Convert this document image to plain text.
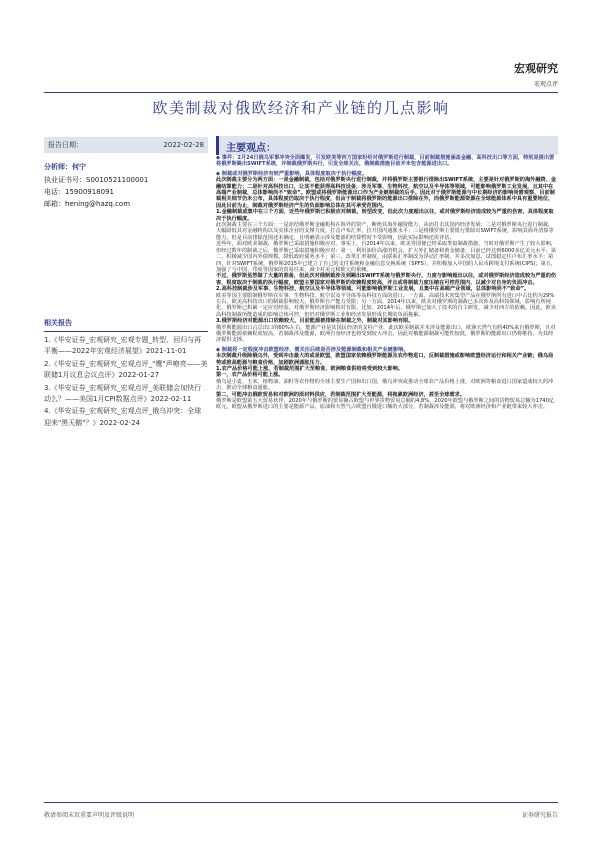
宏观研究
宏观点评
欧美制裁对俄欧经济和产业链的几点影响
报告日期：	2022-02-28 主要观点：
分析师：何宁
执业证书号：S0010521100001
电话：15900918091
邮箱：hening@hazq.com
相关报告

1.《华安证券_宏观研究_宏观专题_转型、回归与再平衡——2022年宏观经济展望》2021-11-01

2.《华安证券_宏观研究_宏观点评_"鹰"声嘹亮——美联储1月议息会议点评》2022-01-27

3.《华安证券_宏观研究_宏观点评_美联储会加快行动么？——美国1月CPI数据点评》2022-02-11

4.《华安证券_宏观研究_宏观点评_俄乌冲突：全球迎来"黑天鹅"？》2022-02-24

◆ 事件：2月24日俄乌军事冲突全面爆发，引发欧美等西方国家纷纷对俄罗斯进行制裁，目前制裁措施涵盖金融、高科技出口等方面，特别是提出要将俄罗斯踢出SWIFT系统，并制裁俄罗斯央行，引发全球关注，俄制裁措施目前并未包含能源进出口。

◆ 制裁或对俄罗斯经济有较严重影响，具体程度取决于执行幅度。

此次制裁主要分为两方面：一是金融制裁，包括对俄罗斯央行进行制裁，并将俄罗斯主要银行排除出SWIFT系统，主要是针对俄罗斯的海外融资、金融结算能力；二是针对高科技出口，让其不能获得高科技设备，涉及军事、生物科技、航空以及半导体等领域，可能影响俄罗斯工业发展，且其中在高端产业制裁，总体影响尚不“致命”。欧盟或将俄罗斯能源出口作为产业链制裁的后手。因此对于俄罗斯能源与中长期经济的影响尚需观察，目前制裁相关细节仍未公布，具体程度仍取决于执行程度，但由于制裁将俄罗斯的能源出口排除在外，而俄罗斯能源资源在全球能源体系中具有重要地位，因此目前为止，制裁对俄罗斯经济产生的负面影响总体在其可承受范围内。

1.金融制裁或集中在三个方面，近些年俄罗斯已积极应对制裁，转型改变，但此次力度超出以往，或对俄罗斯经济造成较为严重的伤害，具体程度取决于执行幅度。

此次制裁主要在三个方面：一是冻结俄罗斯金融机构在海外的资产，断绝其海外融资能力，从而打击其国内经济发展；二是对俄罗斯央行进行制裁，大幅降低其对金融机构以及实体企业的支撑力度，打击卢布汇率，拉升国内通胀水平；三是将俄罗斯主要银行排除出SWIFT系统，影响其海外清算等能力，但是目前排除范围还未确定，且明确表示涉及能源的结算暂时不受影响，因此实际影响还需评估。

近些年，面对欧美制裁，俄罗斯已采取措施积极应对。事实上，自2014年以来，欧美等国便已经采取类似制裁措施，当时对俄罗斯产生了较大影响，但经过数年的制裁之后，俄罗斯已采取措施积极应对：第一，利用油价高涨的机会，扩大外汇储备和黄金储备，目前已经达到6000多亿美元水平；第二，积极减少国内外债规模，降低政府债务水平；第三，改革汇率制度，由联系汇率制改为浮动汇率制，并多次加息，试图稳定住卢布汇率水平；第四，针对SWIFT系统，俄罗斯2015年已建立了自己的支付系统和金融信息交换系统（SPFS），并积极加入中国的人民币跨境支付系统(CIPS)；第五，加强了与中国、印度等国家的贸易往来，减少对美元和欧元的依赖。

不过，俄罗斯虽然做了大量的准备，但此次对俄制裁涉及到踢出SWIFT系统与俄罗斯央行，力度与影响超出以往，或对俄罗斯经济造成较为严重的伤害，程度取决于制裁的执行幅度，欧盟主要国家对俄罗斯的依赖程度较高，并且或将制裁力度压缩在可控范围内，以减少对自身的负面冲击。

2.高科技制裁涉及军事、生物科技、航空以及半导体等领域，可能影响俄罗斯工业发展，且集中在高端产业领域，总体影响尚不“致命”。

欧美等国主要限制俄罗斯在军事、生物科技、航空以及半导体等高科技方面的进口。一方面，高端技术密集型产品在俄罗斯所有进口中占比约为29%左右，欧美高科技出口的制裁影响较大，俄罗斯自产能力受限；另一方面，2014年以来，欧美对俄罗斯的制裁已多次涉及高科技领域，影响有所钝化，俄罗斯已积累一定应对经验，对俄罗斯经济影响相对有限。比如，2014年后，俄罗斯已加大了技术的自主研发，减少对西方的依赖。因此，欧美高科技制裁所能造成的影响总体可控，但仍对俄罗斯工业和经济发展形成长期的负面拖累。

3.俄罗斯经济对能源出口依赖较大，目前能源被排除在制裁之外，制裁对其影响有限。

俄罗斯能源出口占总出口的60%左右，能源产业是其国民经济的支柱产业，此次欧美制裁并未涉及能源出口，欧洲天然气有约40%来自俄罗斯，且对俄罗斯能源依赖程度较高，若制裁涉及能源，欧洲自身经济也将受到较大冲击。因此对俄能源制裁可能性较低，俄罗斯的能源出口仍将维持，为其经济提供支撑。

◆ 制裁将一定程度冲击欧盟经济，需关注后续是否涉及能源制裁和相关产业链影响。

本次制裁升级除俄乌外，受到冲击最大的或是欧盟，欧盟国家依赖俄罗斯能源及农作物进口，反制裁措施或影响欧盟经济运行和相关产业链；俄乌局势或推高能源与粮食价格，加剧欧洲通胀压力。

1.农产品价格可能上涨，若制裁范围扩大至粮食，欧洲粮食供给将受到较大影响。

第一，农产品价格可能上涨。

俄乌是小麦、玉米、植物油、油籽等农作物的全球主要生产国和出口国，俄乌冲突或推动全球农产品价格上涨，对欧洲等粮食进口国家造成较大的冲击，推动全球粮食通胀。

第二，可能冲击俄欧贸易和对欧洲的原材料供应，若制裁范围扩大至能源，将拖累欧洲经济，甚至全球需求。

俄罗斯是欧盟第五大贸易伙伴，2020年与俄罗斯的贸易额占欧盟与世界货物贸易总额的4.8%。2020年欧盟与俄罗斯之间的货物贸易总额为1740亿欧元，欧盟从俄罗斯进口的主要是能源产品，原油和天然气占欧盟自俄进口额的大部分，若制裁涉及能源，将对欧洲经济和产业链带来较大冲击。

敬请参阅末页重要声明及评级说明	证券研究报告
